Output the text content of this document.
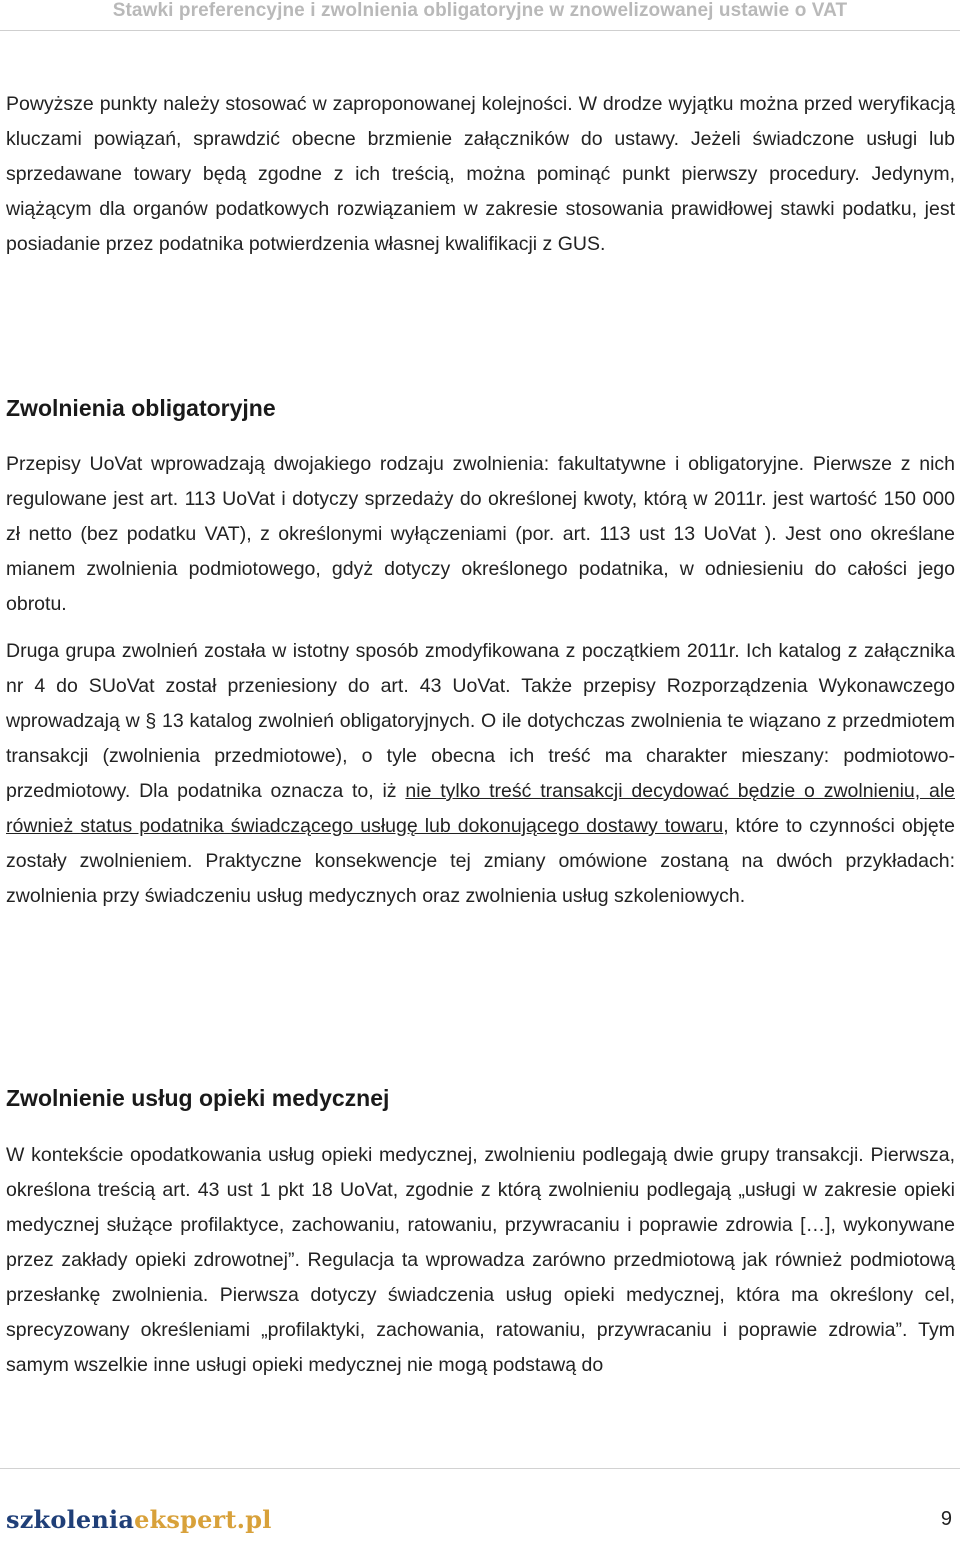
Stawki preferencyjne i zwolnienia obligatoryjne w znowelizowanej ustawie o VAT

Powyższe punkty należy stosować w zaproponowanej kolejności. W drodze wyjątku można przed weryfikacją kluczami powiązań, sprawdzić obecne brzmienie załączników do ustawy. Jeżeli świadczone usługi lub sprzedawane towary będą zgodne z ich treścią, można pominąć punkt pierwszy procedury. Jedynym, wiążącym dla organów podatkowych rozwiązaniem w zakresie stosowania prawidłowej stawki podatku, jest posiadanie przez podatnika potwierdzenia własnej kwalifikacji z GUS.

Zwolnienia obligatoryjne

Przepisy UoVat wprowadzają dwojakiego rodzaju zwolnienia: fakultatywne i obligatoryjne. Pierwsze z nich regulowane jest art. 113 UoVat i dotyczy sprzedaży do określonej kwoty, którą w 2011r. jest wartość 150 000 zł netto (bez podatku VAT), z określonymi wyłączeniami (por. art. 113 ust 13 UoVat ). Jest ono określane mianem zwolnienia podmiotowego, gdyż dotyczy określonego podatnika, w odniesieniu do całości jego obrotu.

Druga grupa zwolnień została w istotny sposób zmodyfikowana z początkiem 2011r. Ich katalog z załącznika nr 4 do SUoVat został przeniesiony do art. 43 UoVat. Także przepisy Rozporządzenia Wykonawczego wprowadzają w § 13 katalog zwolnień obligatoryjnych. O ile dotychczas zwolnienia te wiązano z przedmiotem transakcji (zwolnienia przedmiotowe), o tyle obecna ich treść ma charakter mieszany: podmiotowo-przedmiotowy. Dla podatnika oznacza to, iż nie tylko treść transakcji decydować będzie o zwolnieniu, ale również status podatnika świadczącego usługę lub dokonującego dostawy towaru, które to czynności objęte zostały zwolnieniem. Praktyczne konsekwencje tej zmiany omówione zostaną na dwóch przykładach: zwolnienia przy świadczeniu usług medycznych oraz zwolnienia usług szkoleniowych.

Zwolnienie usług opieki medycznej

W kontekście opodatkowania usług opieki medycznej, zwolnieniu podlegają dwie grupy transakcji. Pierwsza, określona treścią art. 43 ust 1 pkt 18 UoVat, zgodnie z którą zwolnieniu podlegają „usługi w zakresie opieki medycznej służące profilaktyce, zachowaniu, ratowaniu, przywracaniu i poprawie zdrowia […], wykonywane przez zakłady opieki zdrowotnej”. Regulacja ta wprowadza zarówno przedmiotową jak również podmiotową przesłankę zwolnienia. Pierwsza dotyczy świadczenia usług opieki medycznej, która ma określony cel, sprecyzowany określeniami „profilaktyki, zachowania, ratowaniu, przywracaniu i poprawie zdrowia”. Tym samym wszelkie inne usługi opieki medycznej nie mogą podstawą do

szkoleniaekspert.pl	9
